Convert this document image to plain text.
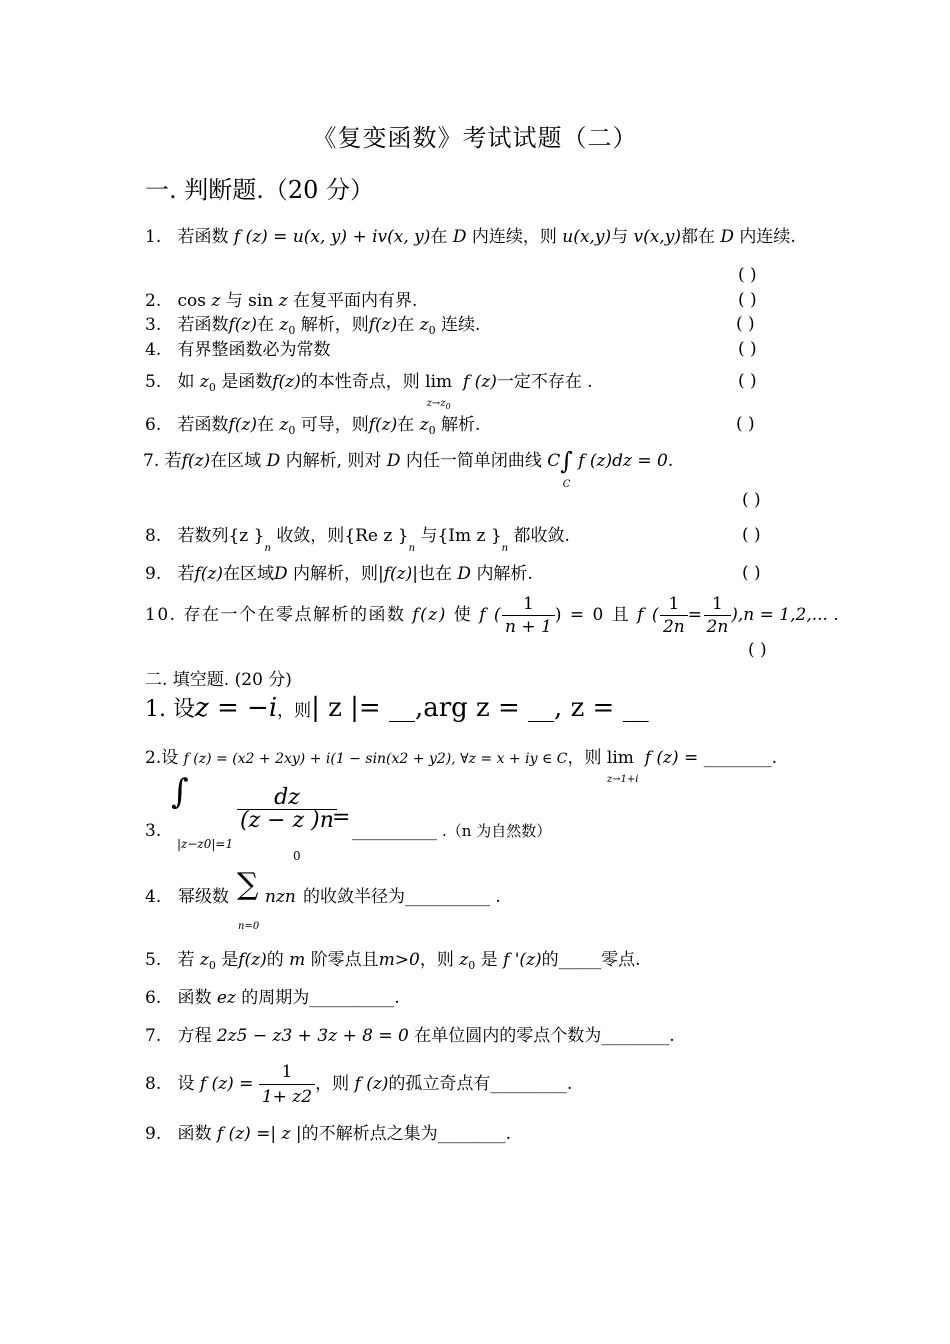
《复变函数》考试试题（二）
一. 判断题.（20 分）
1. 若函数 f (z) = u(x, y) + iv(x, y)在 D 内连续，则 u(x,y)与 v(x,y)都在 D 内连续.
( )
2. cos z 与 sin z 在复平面内有界.	( )
3. 若函数f(z)在 $z_0$ 解析，则f(z)在 $z_0$ 连续.	( )
4. 有界整函数必为常数	( )
5. 如 $z_0$ 是函数f(z)的本性奇点，则 lim
$z\to z_0$
f (z)一定不存在 .	( )
6. 若函数f(z)在 $z_0$ 可导，则f(z)在 $z_0$ 解析.	( )
7. 若f(z)在区域 D 内解析, 则对 D 内任一简单闭曲线 C∫
C
f (z)dz = 0.
( )
8. 若数列{z }$_n$ 收敛，则{Re z }$_n$ 与{Im z }$_n$ 都收敛.	( )
9. 若f(z)在区域D 内解析，则|f(z)|也在 D 内解析.	( )
10. 存在一个在零点解析的函数 f(z) 使 f ( $\frac{1}{n + 1}$ ) = 0 且 f ( $\frac{1}{2n} = \frac{1}{2n} ),n = 1,2$,... .
( )
二. 填空题. (20 分)
1. 设z = −i，则| z |= __,arg z = __, z = __
2.设 f (z) = (x2 + 2xy) + i(1 − sin(x2 + y2), ∀z = x + iy ∈ C，则 lim
z→1+i
f (z) = ________.
3.
∫
|z−z0|=1
$\frac{dz}{(z - z )n}$
0
=
__________ .（n 为自然数）
4. 幂级数 ∑
n=0
nzn 的收敛半径为__________ .
5. 若 $z_0$ 是f(z)的 m 阶零点且m>0，则 $z_0$ 是 f '(z)的_____零点.
6. 函数 ez 的周期为__________.
7. 方程 2z5 − z3 + 3z + 8 = 0 在单位圆内的零点个数为________.
8. 设 f $(z) = \frac{1}{1+ z2}$ ，则 f (z)的孤立奇点有_________.
9. 函数 f (z) =| z |的不解析点之集为________.
